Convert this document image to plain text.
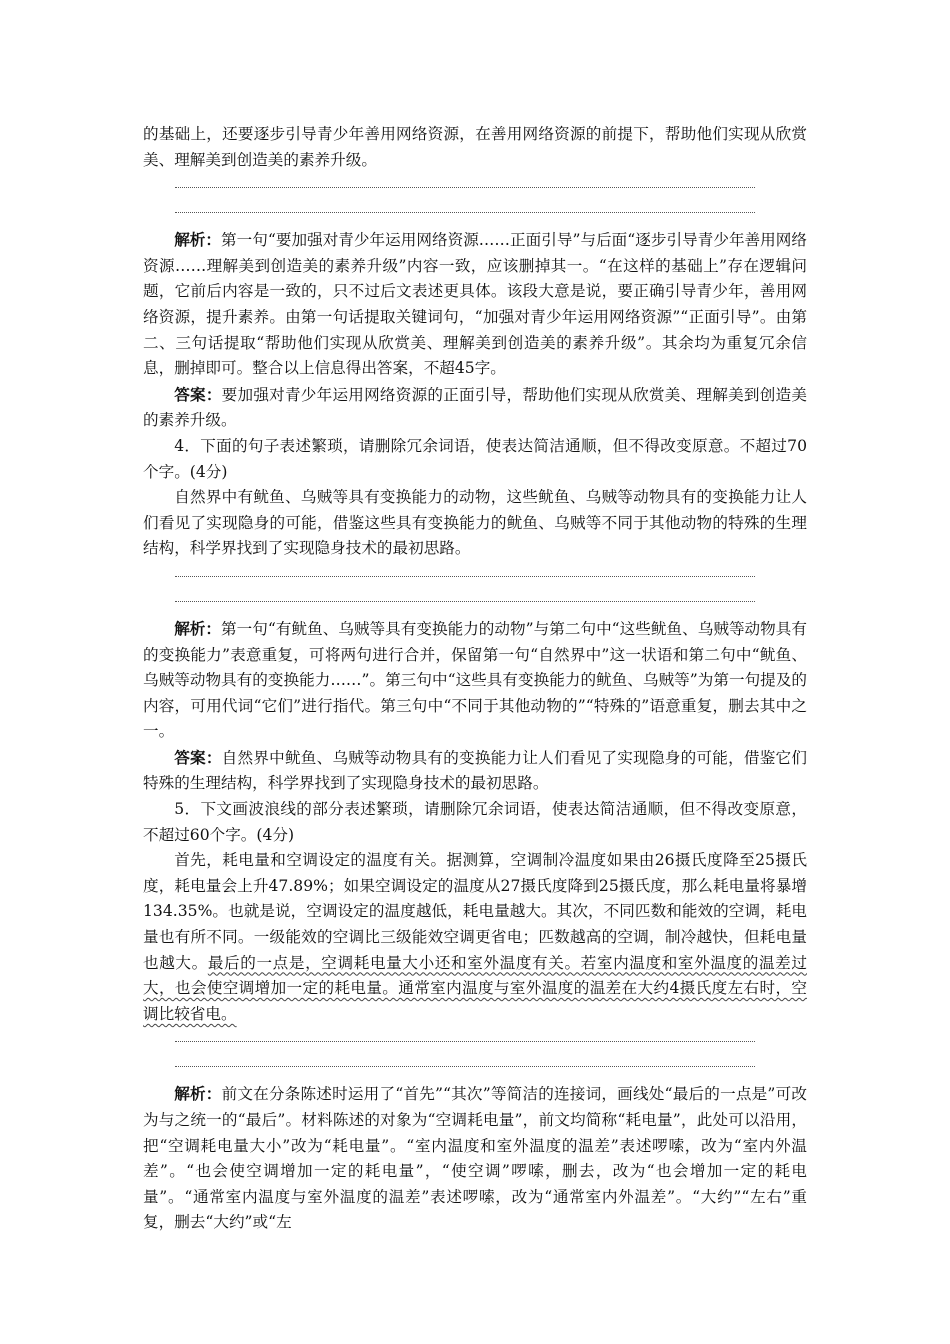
的基础上，还要逐步引导青少年善用网络资源，在善用网络资源的前提下，帮助他们实现从欣赏美、理解美到创造美的素养升级。

解析：第一句“要加强对青少年运用网络资源……正面引导”与后面“逐步引导青少年善用网络资源……理解美到创造美的素养升级”内容一致，应该删掉其一。“在这样的基础上”存在逻辑问题，它前后内容是一致的，只不过后文表述更具体。该段大意是说，要正确引导青少年，善用网络资源，提升素养。由第一句话提取关键词句，“加强对青少年运用网络资源”“正面引导”。由第二、三句话提取“帮助他们实现从欣赏美、理解美到创造美的素养升级”。其余均为重复冗余信息，删掉即可。整合以上信息得出答案，不超45字。

答案：要加强对青少年运用网络资源的正面引导，帮助他们实现从欣赏美、理解美到创造美的素养升级。

4．下面的句子表述繁琐，请删除冗余词语，使表达简洁通顺，但不得改变原意。不超过70个字。(4分)

自然界中有鱿鱼、乌贼等具有变换能力的动物，这些鱿鱼、乌贼等动物具有的变换能力让人们看见了实现隐身的可能，借鉴这些具有变换能力的鱿鱼、乌贼等不同于其他动物的特殊的生理结构，科学界找到了实现隐身技术的最初思路。

解析：第一句“有鱿鱼、乌贼等具有变换能力的动物”与第二句中“这些鱿鱼、乌贼等动物具有的变换能力”表意重复，可将两句进行合并，保留第一句“自然界中”这一状语和第二句中“鱿鱼、乌贼等动物具有的变换能力……”。第三句中“这些具有变换能力的鱿鱼、乌贼等”为第一句提及的内容，可用代词“它们”进行指代。第三句中“不同于其他动物的”“特殊的”语意重复，删去其中之一。

答案：自然界中鱿鱼、乌贼等动物具有的变换能力让人们看见了实现隐身的可能，借鉴它们特殊的生理结构，科学界找到了实现隐身技术的最初思路。

5．下文画波浪线的部分表述繁琐，请删除冗余词语，使表达简洁通顺，但不得改变原意，不超过60个字。(4分)

首先，耗电量和空调设定的温度有关。据测算，空调制冷温度如果由26摄氏度降至25摄氏度，耗电量会上升47.89%；如果空调设定的温度从27摄氏度降到25摄氏度，那么耗电量将暴增134.35%。也就是说，空调设定的温度越低，耗电量越大。其次，不同匹数和能效的空调，耗电量也有所不同。一级能效的空调比三级能效空调更省电；匹数越高的空调，制冷越快，但耗电量也越大。最后的一点是，空调耗电量大小还和室外温度有关。若室内温度和室外温度的温差过大，也会使空调增加一定的耗电量。通常室内温度与室外温度的温差在大约4摄氏度左右时，空调比较省电。

解析：前文在分条陈述时运用了“首先”“其次”等简洁的连接词，画线处“最后的一点是”可改为与之统一的“最后”。材料陈述的对象为“空调耗电量”，前文均简称“耗电量”，此处可以沿用，把“空调耗电量大小”改为“耗电量”。“室内温度和室外温度的温差”表述啰嗦，改为“室内外温差”。“也会使空调增加一定的耗电量”，“使空调”啰嗦，删去，改为“也会增加一定的耗电量”。“通常室内温度与室外温度的温差”表述啰嗦，改为“通常室内外温差”。“大约”“左右”重复，删去“大约”或“左
